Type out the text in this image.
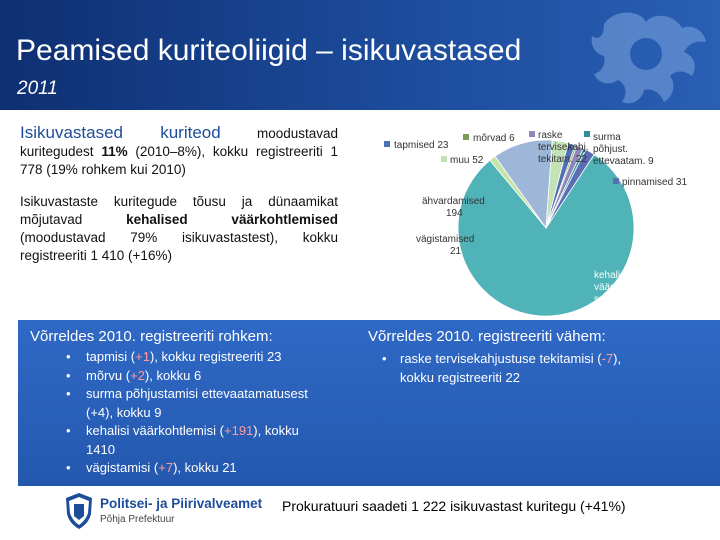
Peamised kuriteoliigid – isikuvastased
2011

Isikuvastased kuriteod moodustavad kuritegudest 11% (2010–8%), kokku registreeriti 1 778 (19% rohkem kui 2010)

Isikuvastaste kuritegude tõusu ja dünaamikat mõjutavad kehalised väärkohtlemised (moodustavad 79% isikuvastastest), kokku registreeriti 1 410 (+16%)

tapmised 23
mõrvad 6 raske
tervisekahj.
tekitam. 22
surma
põhjust.
ettevaatam. 9
muu 52
pinnamised 31
ähvardamised
194
vägistamised
21
kehalised
väärkohtlemi
sed 1410
Võrreldes 2010. registreeriti rohkem:
• tapmisi (+1), kokku registreeriti 23
• mõrvu (+2), kokku 6
• surma põhjustamisi ettevaatamatusest
(+4), kokku 9
• kehalisi väärkohtlemisi (+191), kokku
1410
• vägistamisi (+7), kokku 21
Võrreldes 2010. registreeriti vähem:
• raske tervisekahjustuse tekitamisi (-7),
kokku registreeriti 22
Politsei- ja Piirivalveamet
Põhja Prefektuur
Prokuratuuri saadeti 1 222 isikuvastast kuritegu (+41%)
